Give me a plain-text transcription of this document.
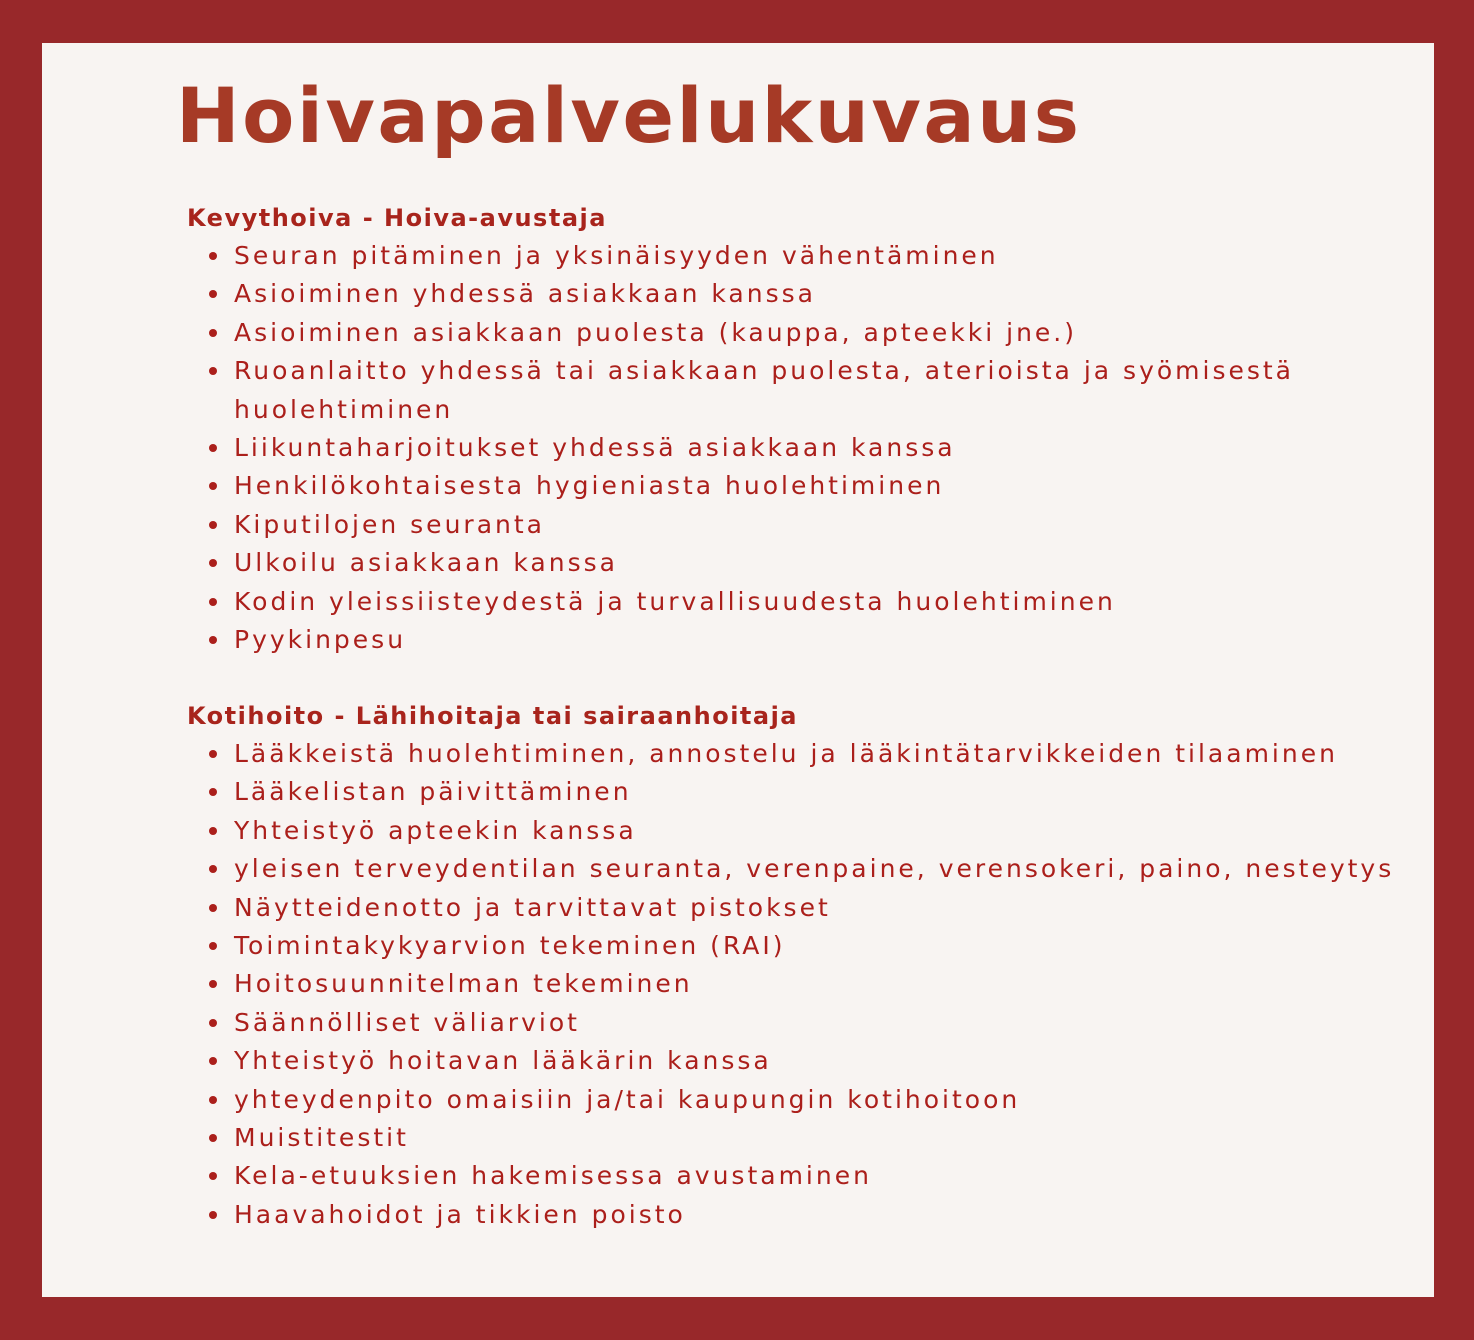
Hoivapalvelukuvaus
Kevythoiva - Hoiva-avustaja
Seuran pitäminen ja yksinäisyyden vähentäminen
Asioiminen yhdessä asiakkaan kanssa
Asioiminen asiakkaan puolesta (kauppa, apteekki jne.)
Ruoanlaitto yhdessä tai asiakkaan puolesta, aterioista ja syömisestä huolehtiminen
Liikuntaharjoitukset yhdessä asiakkaan kanssa
Henkilökohtaisesta hygieniasta huolehtiminen
Kiputilojen seuranta
Ulkoilu asiakkaan kanssa
Kodin yleissiisteydestä ja turvallisuudesta huolehtiminen
Pyykinpesu
Kotihoito - Lähihoitaja tai sairaanhoitaja
Lääkkeistä huolehtiminen, annostelu ja lääkintätarvikkeiden tilaaminen
Lääkelistan päivittäminen
Yhteistyö apteekin kanssa
yleisen terveydentilan seuranta, verenpaine, verensokeri, paino, nesteytys
Näytteidenotto ja tarvittavat pistokset
Toimintakykyarvion tekeminen (RAI)
Hoitosuunnitelman tekeminen
Säännölliset väliarviot
Yhteistyö hoitavan lääkärin kanssa
yhteydenpito omaisiin ja/tai kaupungin kotihoitoon
Muistitestit
Kela-etuuksien hakemisessa avustaminen
Haavahoidot ja tikkien poisto
